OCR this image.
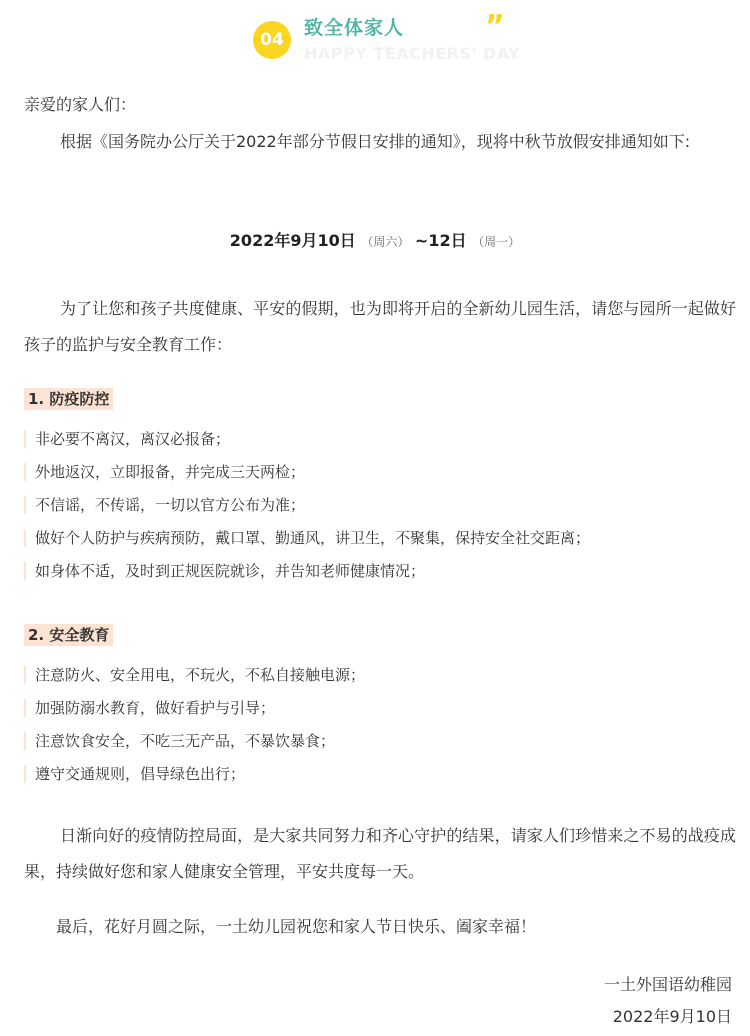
04
致全体家人
HAPPY TEACHERS' DAY
”
亲爱的家人们：
根据《国务院办公厅关于2022年部分节假日安排的通知》，现将中秋节放假安排通知如下:
2022年9月10日 （周六） ~12日 （周一）
为了让您和孩子共度健康、平安的假期，也为即将开启的全新幼儿园生活，请您与园所一起做好孩子的监护与安全教育工作：
1. 防疫防控
非必要不离汉，离汉必报备；
外地返汉，立即报备，并完成三天两检；
不信谣，不传谣，一切以官方公布为准；
做好个人防护与疾病预防，戴口罩、勤通风，讲卫生，不聚集，保持安全社交距离；
如身体不适，及时到正规医院就诊，并告知老师健康情况；
2. 安全教育
注意防火、安全用电，不玩火，不私自接触电源；
加强防溺水教育，做好看护与引导；
注意饮食安全，不吃三无产品，不暴饮暴食；
遵守交通规则，倡导绿色出行；
日渐向好的疫情防控局面，是大家共同努力和齐心守护的结果，请家人们珍惜来之不易的战疫成果，持续做好您和家人健康安全管理，平安共度每一天。
最后，花好月圆之际，一土幼儿园祝您和家人节日快乐、阖家幸福！
一土外国语幼稚园
2022年9月10日
